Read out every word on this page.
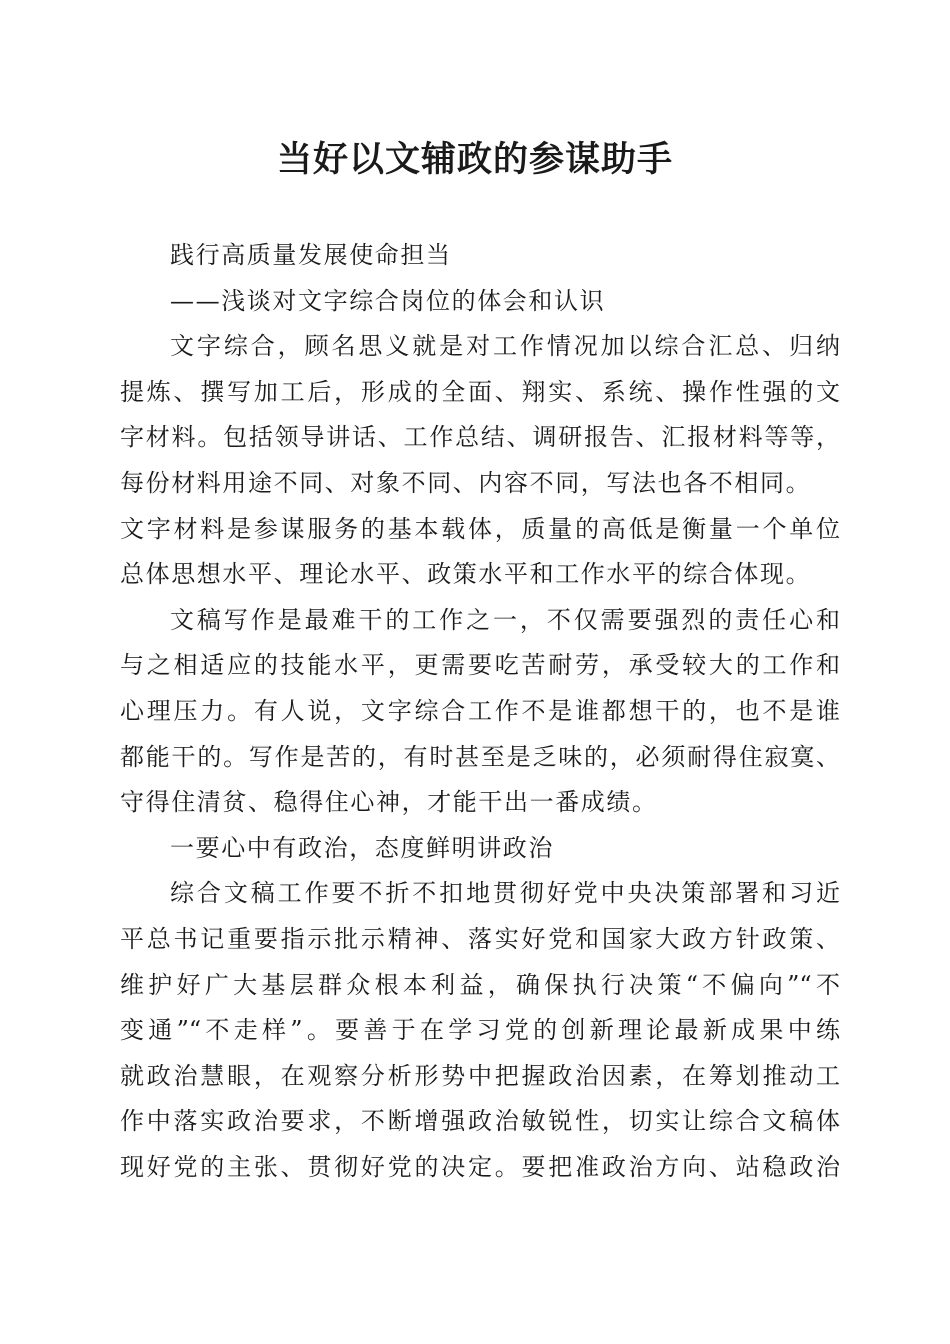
当好以文辅政的参谋助手
践行高质量发展使命担当
——浅谈对文字综合岗位的体会和认识
文字综合，顾名思义就是对工作情况加以综合汇总、归纳
提炼、撰写加工后，形成的全面、翔实、系统、操作性强的文
字材料。包括领导讲话、工作总结、调研报告、汇报材料等等，
每份材料用途不同、对象不同、内容不同，写法也各不相同。
文字材料是参谋服务的基本载体，质量的高低是衡量一个单位
总体思想水平、理论水平、政策水平和工作水平的综合体现。
文稿写作是最难干的工作之一，不仅需要强烈的责任心和
与之相适应的技能水平，更需要吃苦耐劳，承受较大的工作和
心理压力。有人说，文字综合工作不是谁都想干的，也不是谁
都能干的。写作是苦的，有时甚至是乏味的，必须耐得住寂寞、
守得住清贫、稳得住心神，才能干出一番成绩。
一要心中有政治，态度鲜明讲政治
综合文稿工作要不折不扣地贯彻好党中央决策部署和习近
平总书记重要指示批示精神、落实好党和国家大政方针政策、
维护好广大基层群众根本利益，确保执行决策“不偏向”“不
变通”“不走样”。要善于在学习党的创新理论最新成果中练
就政治慧眼，在观察分析形势中把握政治因素，在筹划推动工
作中落实政治要求，不断增强政治敏锐性，切实让综合文稿体
现好党的主张、贯彻好党的决定。要把准政治方向、站稳政治
